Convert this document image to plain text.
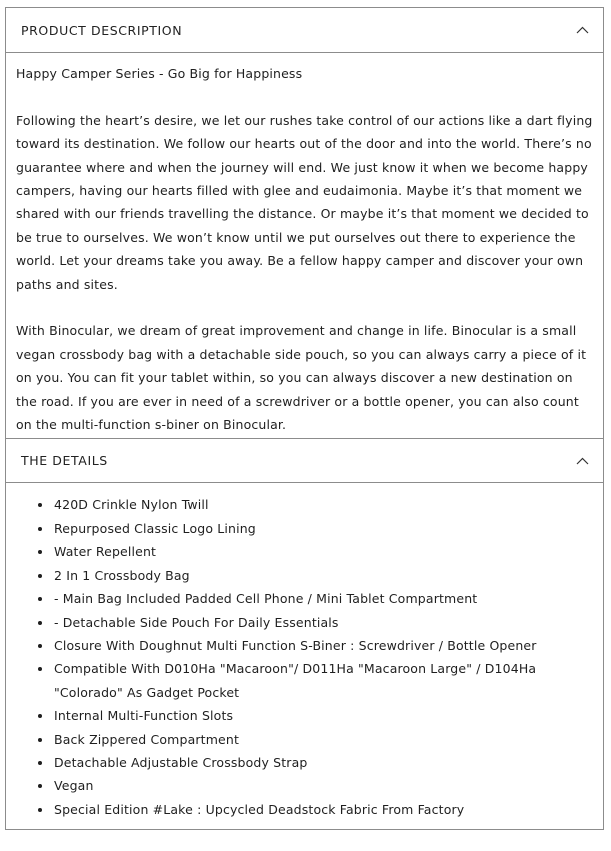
PRODUCT DESCRIPTION

Happy Camper Series - Go Big for Happiness

Following the heart’s desire, we let our rushes take control of our actions like a dart flying toward its destination. We follow our hearts out of the door and into the world. There’s no guarantee where and when the journey will end. We just know it when we become happy campers, having our hearts filled with glee and eudaimonia. Maybe it’s that moment we shared with our friends travelling the distance. Or maybe it’s that moment we decided to be true to ourselves. We won’t know until we put ourselves out there to experience the world. Let your dreams take you away. Be a fellow happy camper and discover your own paths and sites.

With Binocular, we dream of great improvement and change in life. Binocular is a small vegan crossbody bag with a detachable side pouch, so you can always carry a piece of it on you. You can fit your tablet within, so you can always discover a new destination on the road. If you are ever in need of a screwdriver or a bottle opener, you can also count on the multi-function s-biner on Binocular.

THE DETAILS
• 420D Crinkle Nylon Twill
• Repurposed Classic Logo Lining
• Water Repellent
• 2 In 1 Crossbody Bag
• - Main Bag Included Padded Cell Phone / Mini Tablet Compartment
• - Detachable Side Pouch For Daily Essentials
• Closure With Doughnut Multi Function S-Biner : Screwdriver / Bottle Opener
• Compatible With D010Ha "Macaroon"/ D011Ha "Macaroon Large" / D104Ha "Colorado" As Gadget Pocket
• Internal Multi-Function Slots
• Back Zippered Compartment
• Detachable Adjustable Crossbody Strap
• Vegan
• Special Edition #Lake : Upcycled Deadstock Fabric From Factory
